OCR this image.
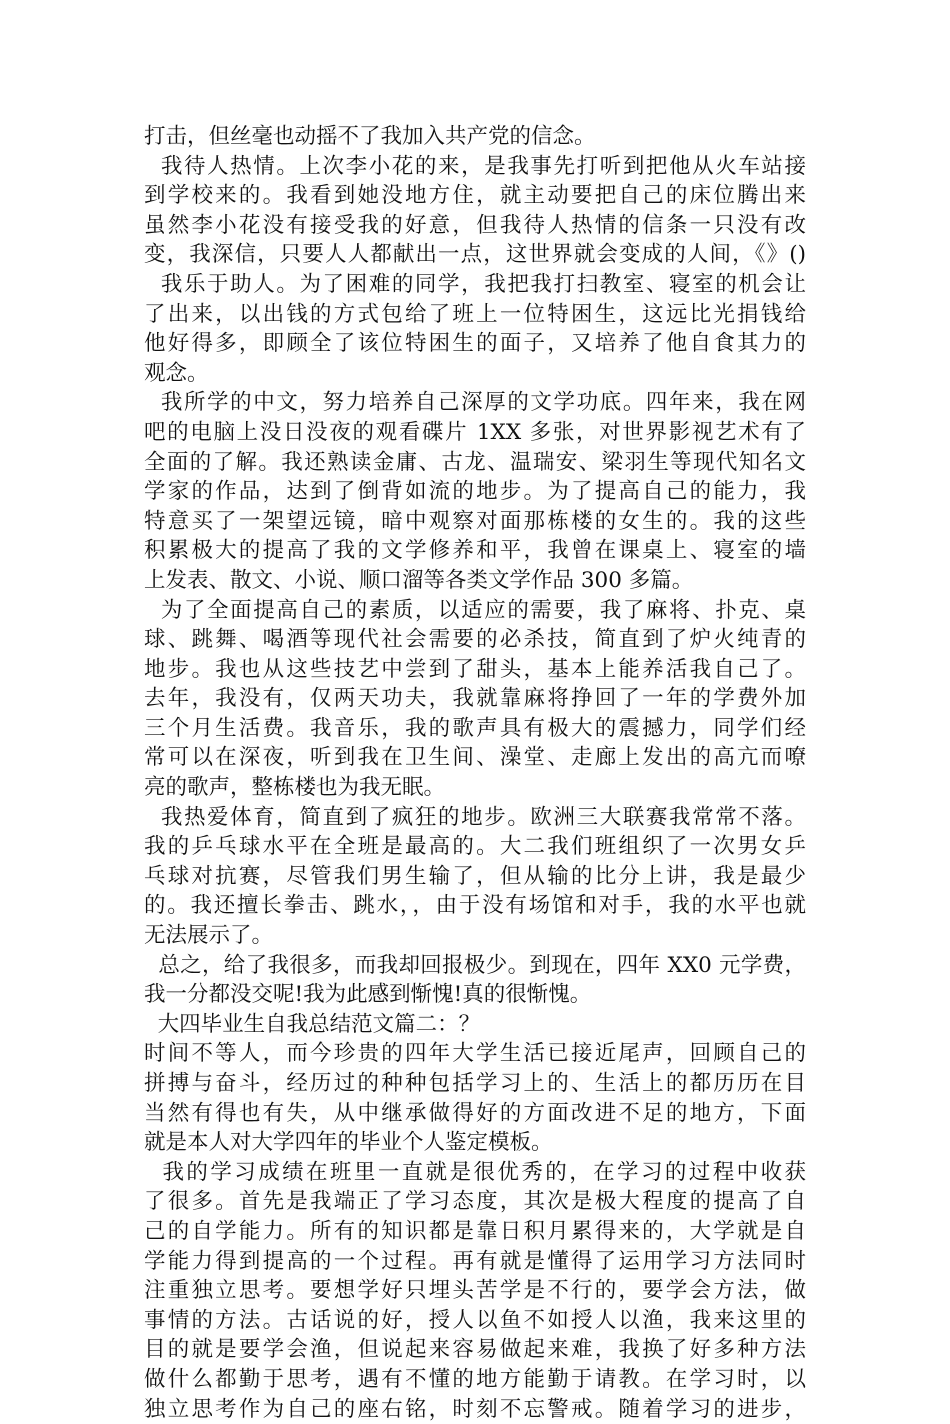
打击，但丝毫也动摇不了我加入共产党的信念。
我待人热情。上次李小花的来，是我事先打听到把他从火车站接
到学校来的。我看到她没地方住，就主动要把自己的床位腾出来
虽然李小花没有接受我的好意，但我待人热情的信条一只没有改
变，我深信，只要人人都献出一点，这世界就会变成的人间，《》()
我乐于助人。为了困难的同学，我把我打扫教室、寝室的机会让
了出来，以出钱的方式包给了班上一位特困生，这远比光捐钱给
他好得多，即顾全了该位特困生的面子，又培养了他自食其力的
观念。
我所学的中文，努力培养自己深厚的文学功底。四年来，我在网
吧的电脑上没日没夜的观看碟片 1XX 多张，对世界影视艺术有了
全面的了解。我还熟读金庸、古龙、温瑞安、梁羽生等现代知名文
学家的作品，达到了倒背如流的地步。为了提高自己的能力，我
特意买了一架望远镜，暗中观察对面那栋楼的女生的。我的这些
积累极大的提高了我的文学修养和平，我曾在课桌上、寝室的墙
上发表、散文、小说、顺口溜等各类文学作品 300 多篇。
为了全面提高自己的素质，以适应的需要，我了麻将、扑克、桌
球、跳舞、喝酒等现代社会需要的必杀技，简直到了炉火纯青的
地步。我也从这些技艺中尝到了甜头，基本上能养活我自己了。
去年，我没有，仅两天功夫，我就靠麻将挣回了一年的学费外加
三个月生活费。我音乐，我的歌声具有极大的震撼力，同学们经
常可以在深夜，听到我在卫生间、澡堂、走廊上发出的高亢而嘹
亮的歌声，整栋楼也为我无眠。
我热爱体育，简直到了疯狂的地步。欧洲三大联赛我常常不落。
我的乒乓球水平在全班是最高的。大二我们班组织了一次男女乒
乓球对抗赛，尽管我们男生输了，但从输的比分上讲，我是最少
的。我还擅长拳击、跳水，，由于没有场馆和对手，我的水平也就
无法展示了。
总之，给了我很多，而我却回报极少。到现在，四年 XX0 元学费，
我一分都没交呢!我为此感到惭愧!真的很惭愧。
大四毕业生自我总结范文篇二：？
时间不等人，而今珍贵的四年大学生活已接近尾声，回顾自己的
拼搏与奋斗，经历过的种种包括学习上的、生活上的都历历在目
当然有得也有失，从中继承做得好的方面改进不足的地方，下面
就是本人对大学四年的毕业个人鉴定模板。
我的学习成绩在班里一直就是很优秀的，在学习的过程中收获
了很多。首先是我端正了学习态度，其次是极大程度的提高了自
己的自学能力。所有的知识都是靠日积月累得来的，大学就是自
学能力得到提高的一个过程。再有就是懂得了运用学习方法同时
注重独立思考。要想学好只埋头苦学是不行的，要学会方法，做
事情的方法。古话说的好，授人以鱼不如授人以渔，我来这里的
目的就是要学会渔，但说起来容易做起来难，我换了好多种方法
做什么都勤于思考，遇有不懂的地方能勤于请教。在学习时，以
独立思考作为自己的座右铭，时刻不忘警戒。随着学习的进步，
